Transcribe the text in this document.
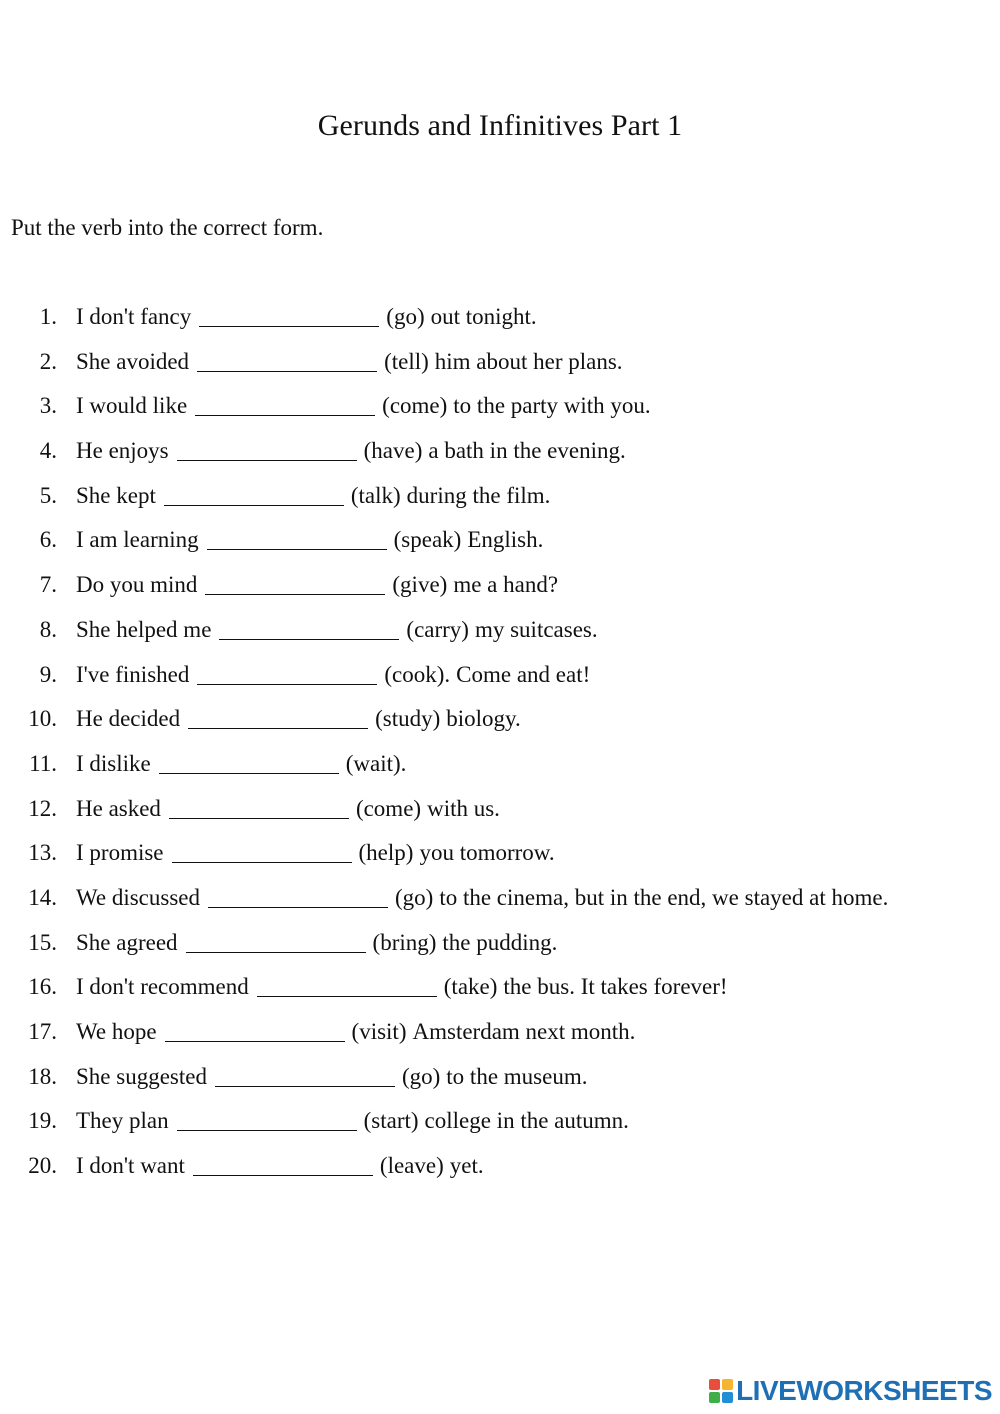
Gerunds and Infinitives Part 1
Put the verb into the correct form.
1. I don't fancy	(go) out tonight.
2. She avoided	(tell) him about her plans.
3. I would like	(come) to the party with you.
4. He enjoys	(have) a bath in the evening.
5. She kept	(talk) during the film.
6. I am learning	(speak) English.
7. Do you mind	(give) me a hand?
8. She helped me	(carry) my suitcases.
9. I've finished	(cook). Come and eat!
10. He decided	(study) biology.
11. I dislike	(wait).
12. He asked	(come) with us.
13. I promise	(help) you tomorrow.
14. We discussed	(go) to the cinema, but in the end, we stayed at home.
15. She agreed	(bring) the pudding.
16. I don't recommend	(take) the bus. It takes forever!
17. We hope	(visit) Amsterdam next month.
18. She suggested	(go) to the museum.
19. They plan	(start) college in the autumn.
20. I don't want	(leave) yet.
LIVEWORKSHEETS
